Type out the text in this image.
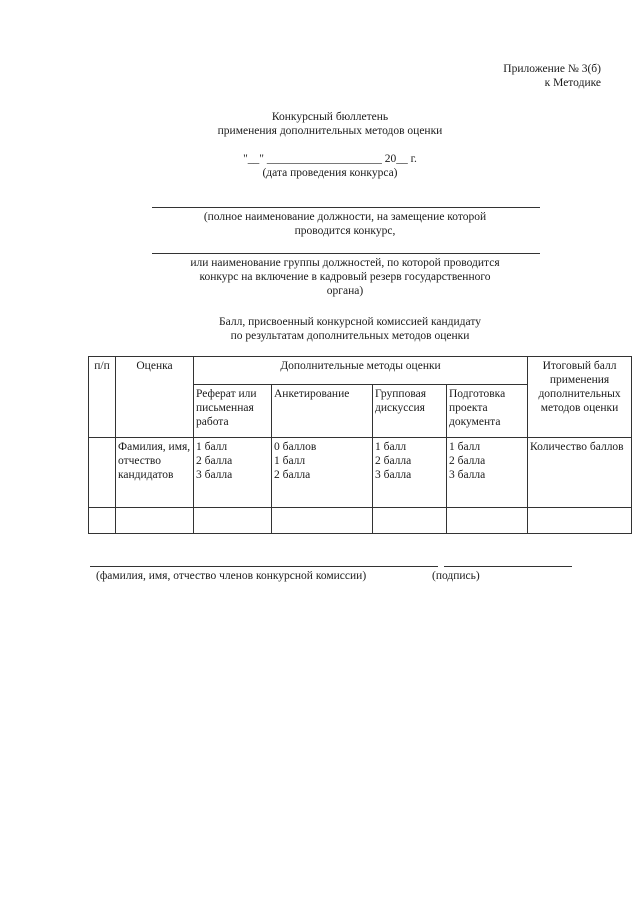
Приложение № 3(б)
к Методике
Конкурсный бюллетень
применения дополнительных методов оценки
"__" ____________________ 20__ г.
(дата проведения конкурса)
(полное наименование должности, на замещение которой
проводится конкурс,
или наименование группы должностей, по которой проводится
конкурс на включение в кадровый резерв государственного
органа)
Балл, присвоенный конкурсной комиссией кандидату
по результатам дополнительных методов оценки
п/п	Оценка	Дополнительные методы оценки				Итоговый балл применения дополнительных методов оценки
		Реферат или письменная работа	Анкетирование	Групповая дискуссия	Подготовка проекта документа	
	Фамилия, имя, отчество кандидатов	1 балл
2 балла
3 балла	0 баллов
1 балл
2 балла	1 балл
2 балла
3 балла	1 балл
2 балла
3 балла	Количество баллов

(фамилия, имя, отчество членов конкурсной комиссии)	(подпись)
